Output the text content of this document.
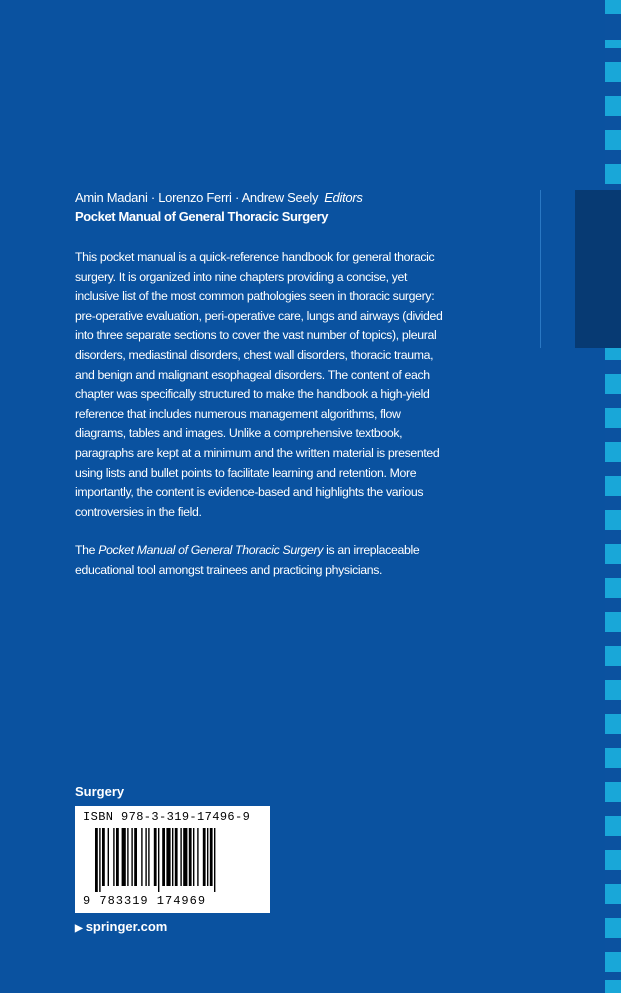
Amin Madani · Lorenzo Ferri · Andrew Seely Editors
Pocket Manual of General Thoracic Surgery
This pocket manual is a quick-reference handbook for general thoracic
surgery. It is organized into nine chapters providing a concise, yet
inclusive list of the most common pathologies seen in thoracic surgery:
pre-operative evaluation, peri-operative care, lungs and airways (divided
into three separate sections to cover the vast number of topics), pleural
disorders, mediastinal disorders, chest wall disorders, thoracic trauma,
and benign and malignant esophageal disorders. The content of each
chapter was specifically structured to make the handbook a high-yield
reference that includes numerous management algorithms, flow
diagrams, tables and images. Unlike a comprehensive textbook,
paragraphs are kept at a minimum and the written material is presented
using lists and bullet points to facilitate learning and retention. More
importantly, the content is evidence-based and highlights the various
controversies in the field.
The Pocket Manual of General Thoracic Surgery is an irreplaceable
educational tool amongst trainees and practicing physicians.
Surgery
ISBN 978-3-319-17496-9
9 783319 174969
▶ springer.com
